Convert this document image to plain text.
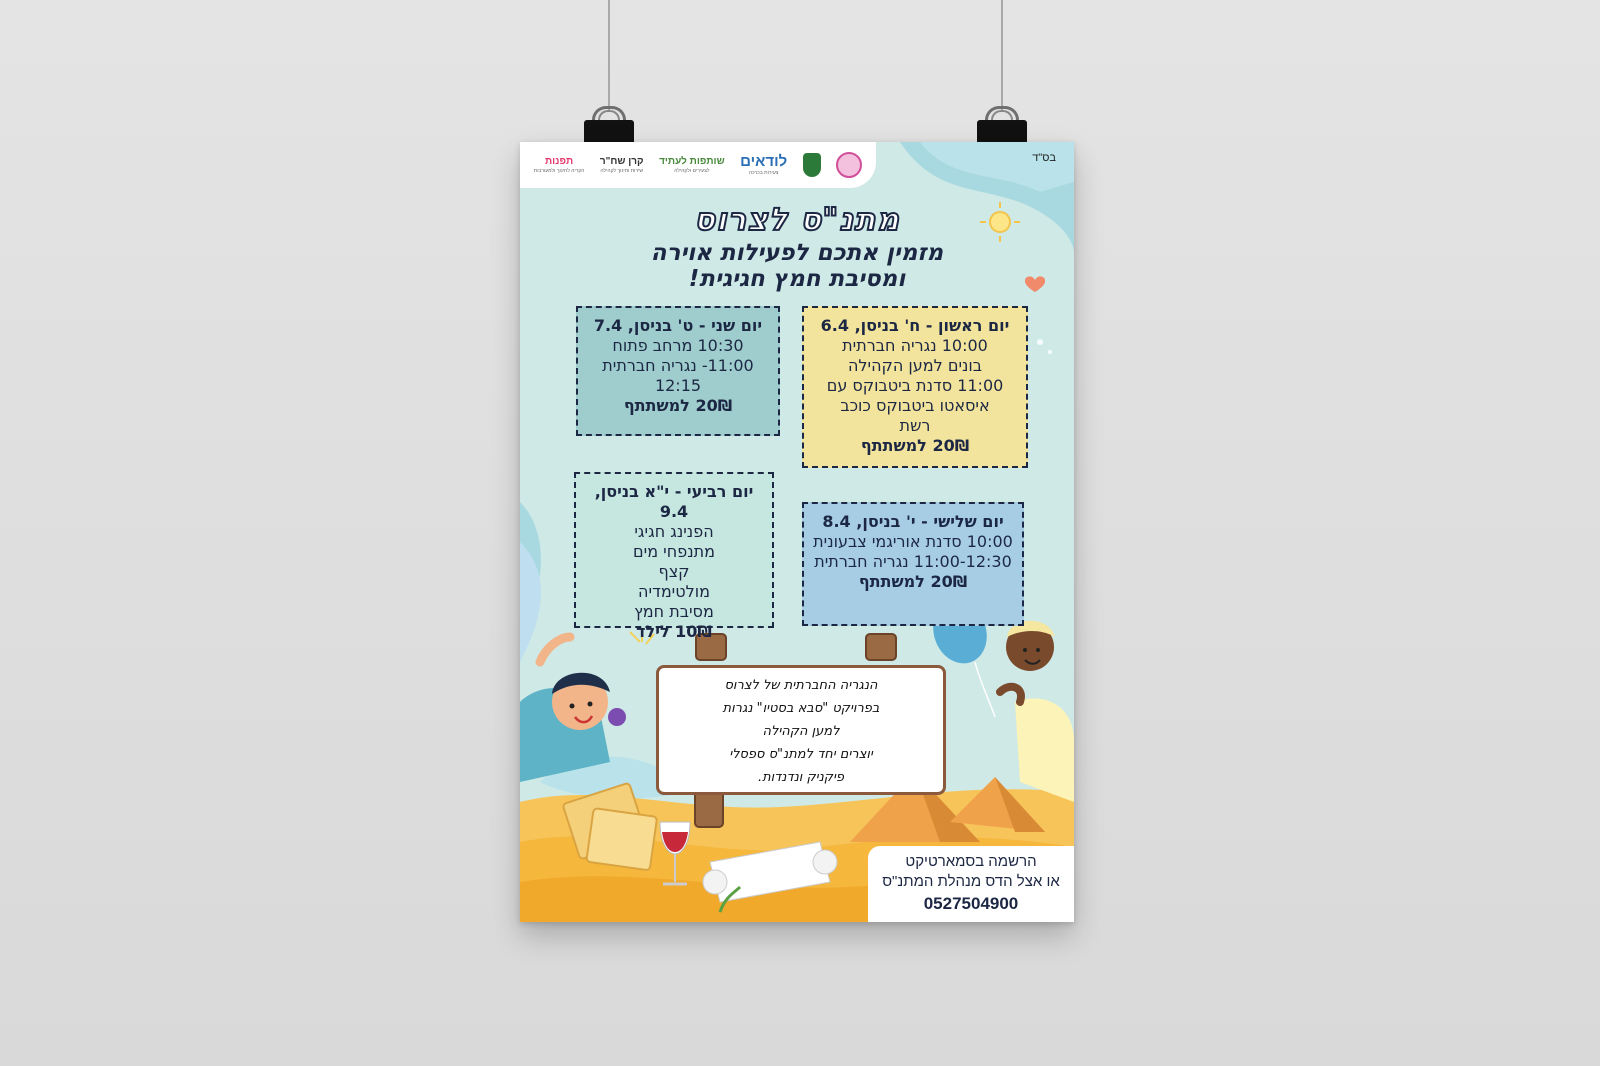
תפנות
הקריה לחינוך ולמעורבות
קרן שח"ר
שירות וחינוך לקהילה
שותפות לעתיד
לצעירים ולקהילה
לודאים
צעירות בכרכה
בס"ד
מתנ"ס לצרוס
מזמין אתכם לפעילות אוירה
ומסיבת חמץ חגיגית!
יום ראשון - ח' בניסן, 6.4
10:00 נגריה חברתית
בונים למען הקהילה
11:00 סדנת ביטבוקס עם
איסאטו ביטבוקס כוכב
רשת
20₪ למשתתף
יום שני - ט' בניסן, 7.4
10:30 מרחב פתוח
11:00- נגריה חברתית
12:15
20₪ למשתתף
יום שלישי - י' בניסן, 8.4
10:00 סדנת אוריגמי צבעונית
11:00-12:30 נגריה חברתית
20₪ למשתתף
יום רביעי - י"א בניסן, 9.4
הפנינג חגיגי
מתנפחי מים
קצף
מולטימדיה
מסיבת חמץ
10₪ לילד
הנגריה החברתית של לצרוס
בפרויקט "סבא בסטיו" נגרות
למען הקהילה
יוצרים יחד למתנ"ס ספסלי
פיקניק ונדנדות.
הרשמה בסמארטיקט
או אצל הדס מנהלת המתנ"ס
0527504900
